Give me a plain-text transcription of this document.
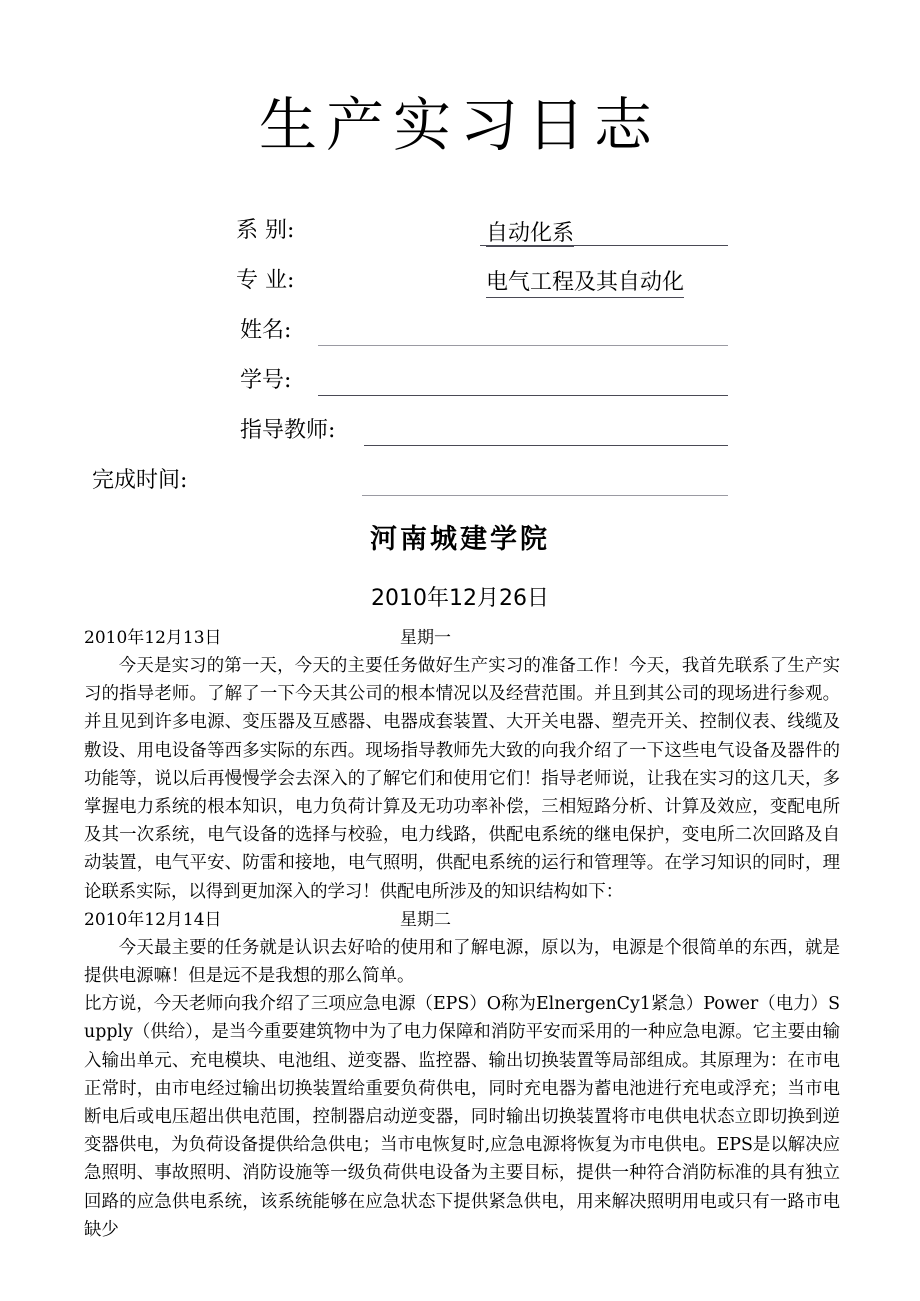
生产实习日志
系 别:	自动化系
专 业:	电气工程及其自动化
姓名:
学号:
指导教师:
完成时间:
河南城建学院
2010年12月26日
2010年12月13日	星期一

今天是实习的第一天，今天的主要任务做好生产实习的准备工作！今天，我首先联系了生产实习的指导老师。了解了一下今天其公司的根本情况以及经营范围。并且到其公司的现场进行参观。并且见到许多电源、变压器及互感器、电器成套装置、大开关电器、塑壳开关、控制仪表、线缆及敷设、用电设备等西多实际的东西。现场指导教师先大致的向我介绍了一下这些电气设备及器件的功能等，说以后再慢慢学会去深入的了解它们和使用它们！指导老师说，让我在实习的这几天，多掌握电力系统的根本知识，电力负荷计算及无功功率补偿，三相短路分析、计算及效应，变配电所及其一次系统，电气设备的选择与校验，电力线路，供配电系统的继电保护，变电所二次回路及自动装置，电气平安、防雷和接地，电气照明，供配电系统的运行和管理等。在学习知识的同时，理论联系实际，以得到更加深入的学习！供配电所涉及的知识结构如下：

2010年12月14日	星期二

今天最主要的任务就是认识去好哈的使用和了解电源，原以为，电源是个很简单的东西，就是提供电源嘛！但是远不是我想的那么简单。

比方说，今天老师向我介绍了三项应急电源（EPS）O称为ElnergenCy1紧急）Power（电力）Supply（供给），是当今重要建筑物中为了电力保障和消防平安而采用的一种应急电源。它主要由输入输出单元、充电模块、电池组、逆变器、监控器、输出切换装置等局部组成。其原理为：在市电正常时，由市电经过输出切换装置给重要负荷供电，同时充电器为蓄电池进行充电或浮充；当市电断电后或电压超出供电范围，控制器启动逆变器，同时输出切换装置将市电供电状态立即切换到逆变器供电，为负荷设备提供给急供电；当市电恢复时,应急电源将恢复为市电供电。EPS是以解决应急照明、事故照明、消防设施等一级负荷供电设备为主要目标，提供一种符合消防标准的具有独立回路的应急供电系统，该系统能够在应急状态下提供紧急供电，用来解决照明用电或只有一路市电缺少
